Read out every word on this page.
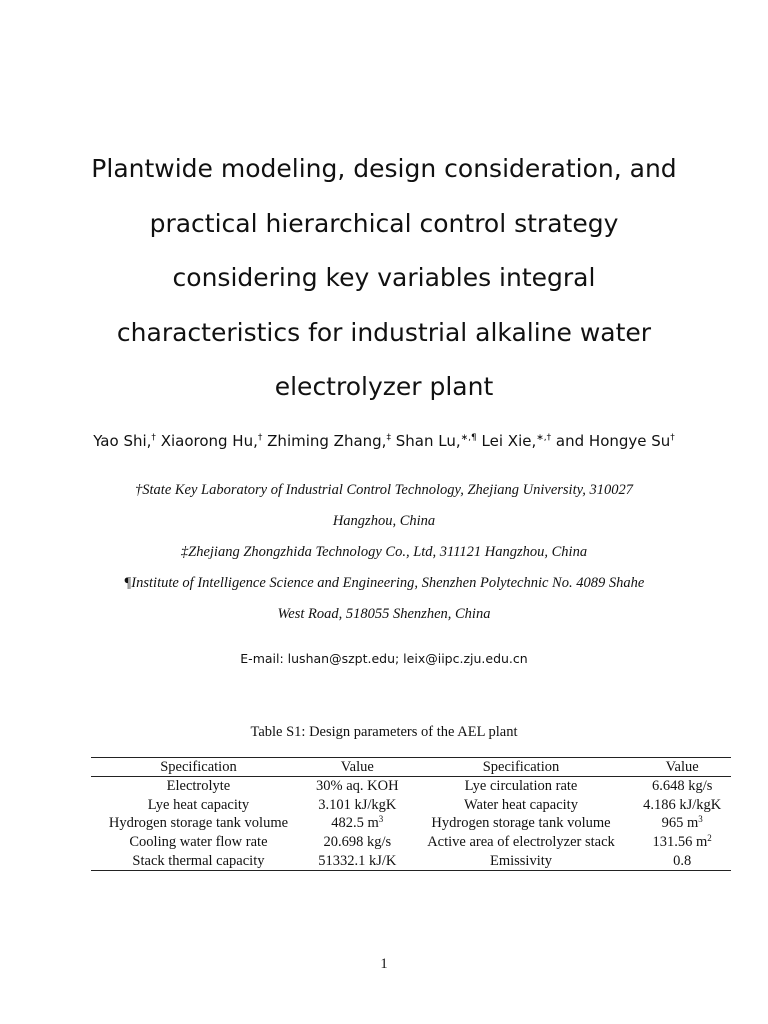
Plantwide modeling, design consideration, and
practical hierarchical control strategy
considering key variables integral
characteristics for industrial alkaline water
electrolyzer plant
Yao Shi,† Xiaorong Hu,† Zhiming Zhang,‡ Shan Lu,∗,¶ Lei Xie,∗,† and Hongye Su†
†State Key Laboratory of Industrial Control Technology, Zhejiang University, 310027
Hangzhou, China
‡Zhejiang Zhongzhida Technology Co., Ltd, 311121 Hangzhou, China
¶Institute of Intelligence Science and Engineering, Shenzhen Polytechnic No. 4089 Shahe
West Road, 518055 Shenzhen, China
E-mail: lushan@szpt.edu; leix@iipc.zju.edu.cn
Table S1: Design parameters of the AEL plant
Specification	Value	Specification	Value
Electrolyte	30% aq. KOH	Lye circulation rate	6.648 kg/s
Lye heat capacity	3.101 kJ/kgK	Water heat capacity	4.186 kJ/kgK
Hydrogen storage tank volume	482.5 $m^3$	Hydrogen storage tank volume	965 $m^3$
Cooling water flow rate	20.698 kg/s	Active area of electrolyzer stack	131.56 $m^2$
Stack thermal capacity	51332.1 kJ/K	Emissivity	0.8
1
